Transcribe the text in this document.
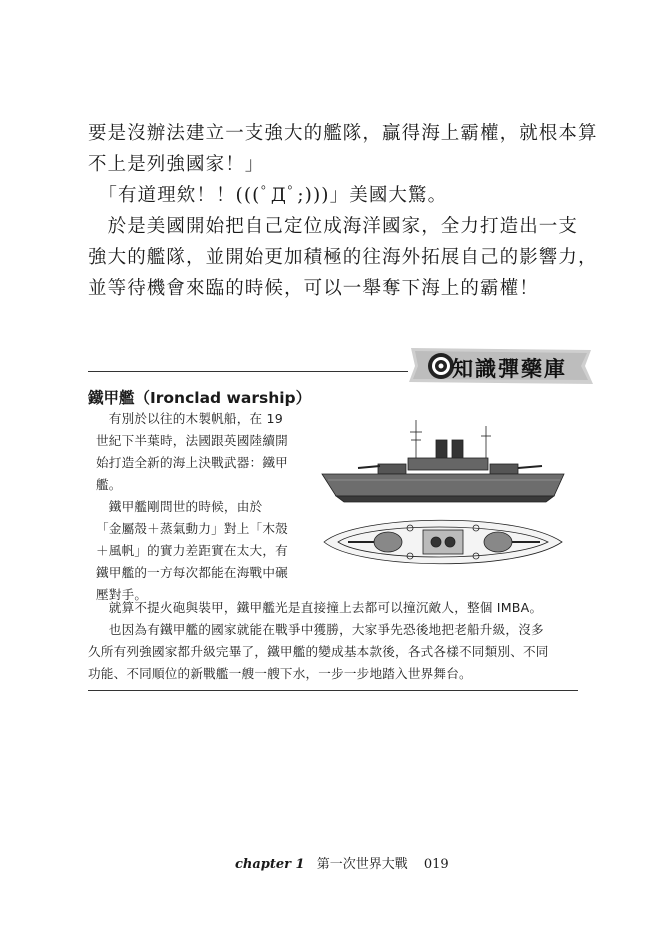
要是沒辦法建立一支強大的艦隊，贏得海上霸權，就根本算
不上是列強國家！」
　「有道理欸！！(((ﾟДﾟ;)))」美國大驚。
　於是美國開始把自己定位成海洋國家，全力打造出一支
強大的艦隊，並開始更加積極的往海外拓展自己的影響力，
並等待機會來臨的時候，可以一舉奪下海上的霸權！
知識彈藥庫
鐵甲艦（Ironclad warship）
　有別於以往的木製帆船，在 19
世紀下半葉時，法國跟英國陸續開
始打造全新的海上決戰武器：鐵甲
艦。
　鐵甲艦剛問世的時候，由於
「金屬殼＋蒸氣動力」對上「木殼
＋風帆」的實力差距實在太大，有
鐵甲艦的一方每次都能在海戰中碾
壓對手。
　就算不提火砲與裝甲，鐵甲艦光是直接撞上去都可以撞沉敵人，整個 IMBA。
　也因為有鐵甲艦的國家就能在戰爭中獲勝，大家爭先恐後地把老船升級，沒多
久所有列強國家都升級完畢了，鐵甲艦的變成基本款後，各式各樣不同類別、不同
功能、不同順位的新戰艦一艘一艘下水，一步一步地踏入世界舞台。
chapter 1 第一次世界大戰 019
